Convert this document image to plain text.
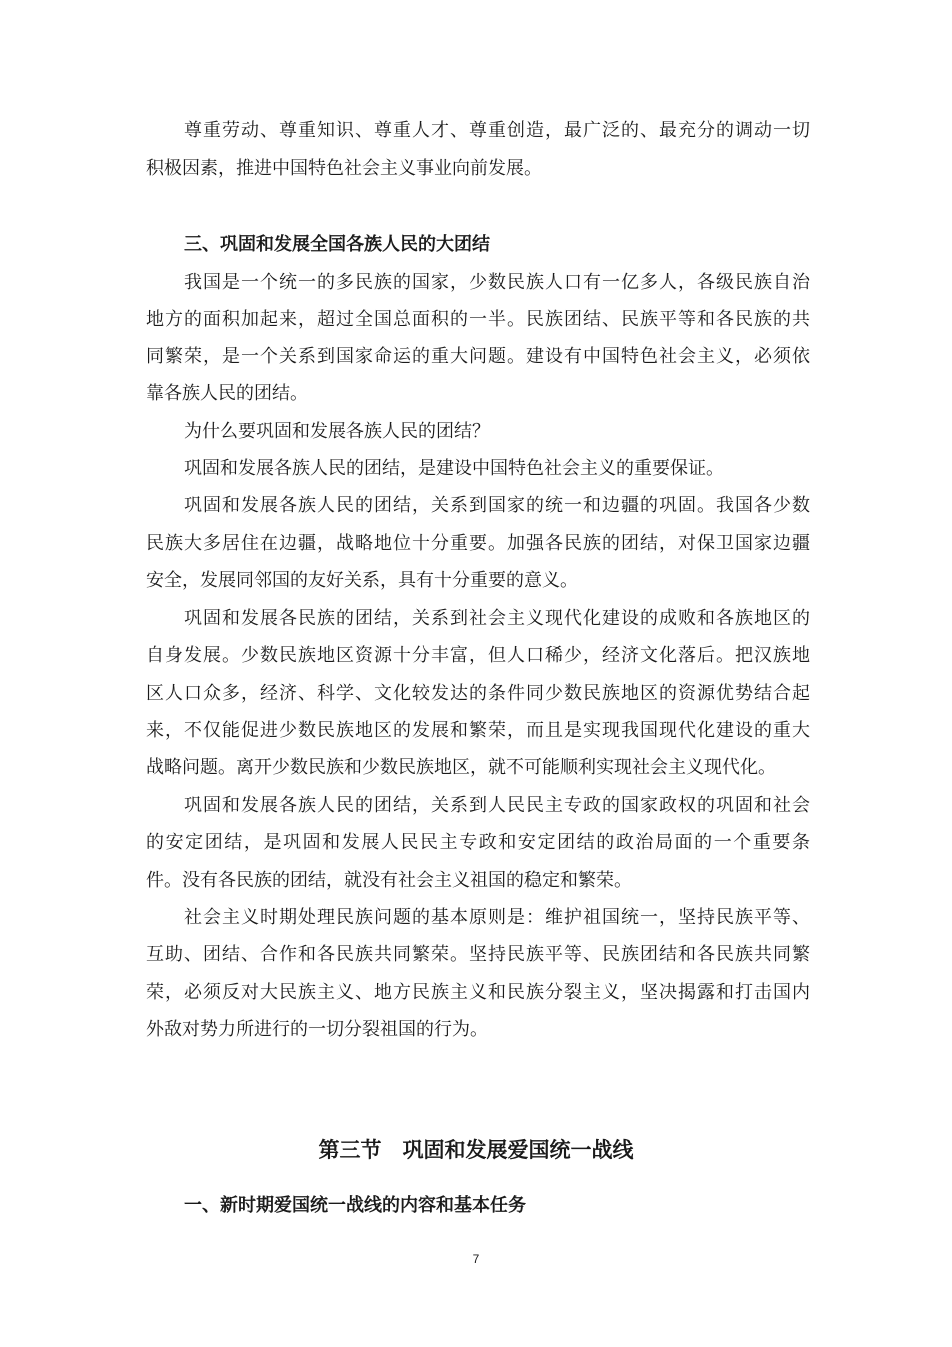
尊重劳动、尊重知识、尊重人才、尊重创造，最广泛的、最充分的调动一切
积极因素，推进中国特色社会主义事业向前发展。
三、巩固和发展全国各族人民的大团结
我国是一个统一的多民族的国家，少数民族人口有一亿多人，各级民族自治
地方的面积加起来，超过全国总面积的一半。民族团结、民族平等和各民族的共
同繁荣，是一个关系到国家命运的重大问题。建设有中国特色社会主义，必须依
靠各族人民的团结。
为什么要巩固和发展各族人民的团结？
巩固和发展各族人民的团结，是建设中国特色社会主义的重要保证。
巩固和发展各族人民的团结，关系到国家的统一和边疆的巩固。我国各少数
民族大多居住在边疆，战略地位十分重要。加强各民族的团结，对保卫国家边疆
安全，发展同邻国的友好关系，具有十分重要的意义。
巩固和发展各民族的团结，关系到社会主义现代化建设的成败和各族地区的
自身发展。少数民族地区资源十分丰富，但人口稀少，经济文化落后。把汉族地
区人口众多，经济、科学、文化较发达的条件同少数民族地区的资源优势结合起
来，不仅能促进少数民族地区的发展和繁荣，而且是实现我国现代化建设的重大
战略问题。离开少数民族和少数民族地区，就不可能顺利实现社会主义现代化。
巩固和发展各族人民的团结，关系到人民民主专政的国家政权的巩固和社会
的安定团结，是巩固和发展人民民主专政和安定团结的政治局面的一个重要条
件。没有各民族的团结，就没有社会主义祖国的稳定和繁荣。
社会主义时期处理民族问题的基本原则是：维护祖国统一，坚持民族平等、
互助、团结、合作和各民族共同繁荣。坚持民族平等、民族团结和各民族共同繁
荣，必须反对大民族主义、地方民族主义和民族分裂主义，坚决揭露和打击国内
外敌对势力所进行的一切分裂祖国的行为。
第三节　巩固和发展爱国统一战线
一、新时期爱国统一战线的内容和基本任务
7
